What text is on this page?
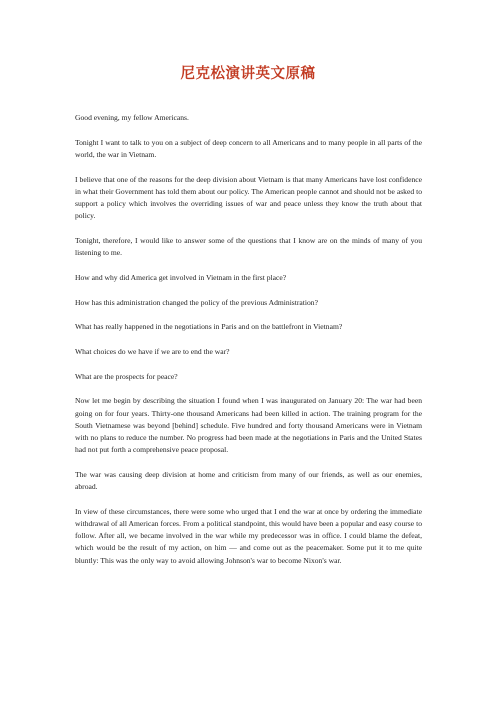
尼克松演讲英文原稿

Good evening, my fellow Americans.

Tonight I want to talk to you on a subject of deep concern to all Americans and to many people in all parts of the world, the war in Vietnam.

I believe that one of the reasons for the deep division about Vietnam is that many Americans have lost confidence in what their Government has told them about our policy. The American people cannot and should not be asked to support a policy which involves the overriding issues of war and peace unless they know the truth about that policy.

Tonight, therefore, I would like to answer some of the questions that I know are on the minds of many of you listening to me.

How and why did America get involved in Vietnam in the first place?

How has this administration changed the policy of the previous Administration?

What has really happened in the negotiations in Paris and on the battlefront in Vietnam?

What choices do we have if we are to end the war?

What are the prospects for peace?

Now let me begin by describing the situation I found when I was inaugurated on January 20: The war had been going on for four years. Thirty-one thousand Americans had been killed in action. The training program for the South Vietnamese was beyond [behind] schedule. Five hundred and forty thousand Americans were in Vietnam with no plans to reduce the number. No progress had been made at the negotiations in Paris and the United States had not put forth a comprehensive peace proposal.

The war was causing deep division at home and criticism from many of our friends, as well as our enemies, abroad.

In view of these circumstances, there were some who urged that I end the war at once by ordering the immediate withdrawal of all American forces. From a political standpoint, this would have been a popular and easy course to follow. After all, we became involved in the war while my predecessor was in office. I could blame the defeat, which would be the result of my action, on him — and come out as the peacemaker. Some put it to me quite bluntly: This was the only way to avoid allowing Johnson's war to become Nixon's war.
